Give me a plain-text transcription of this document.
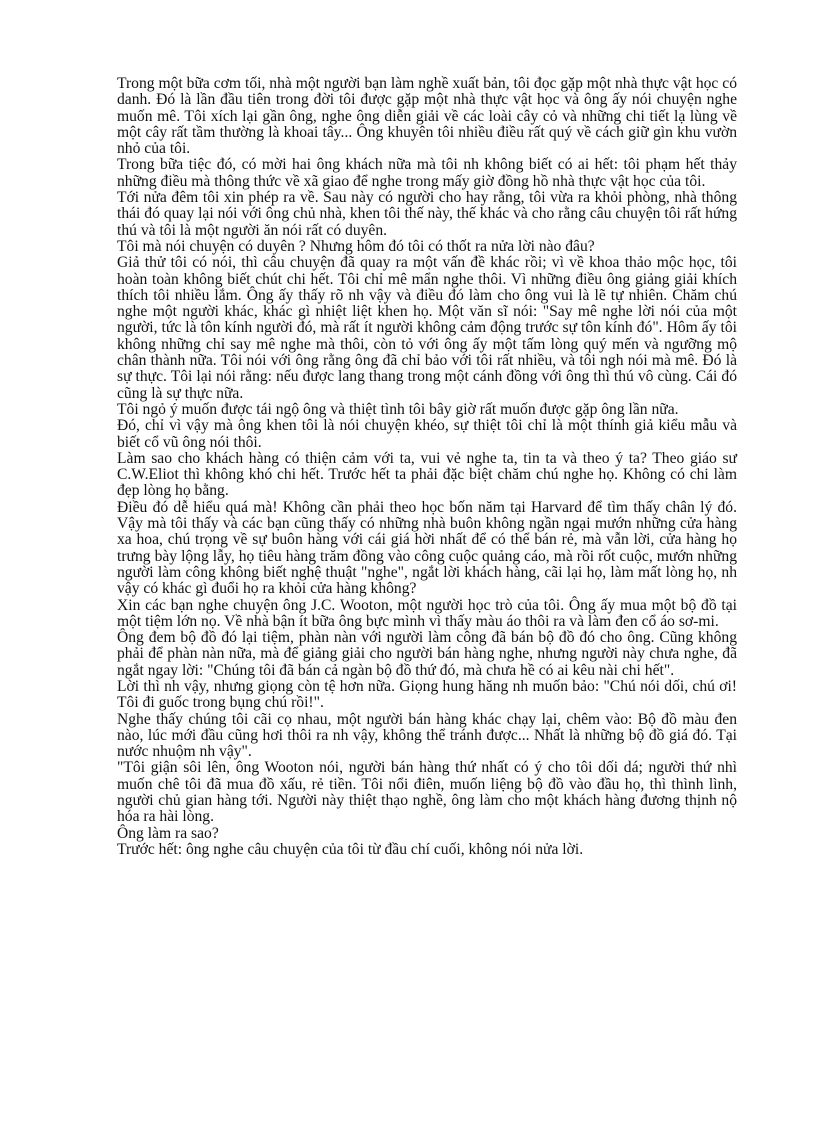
Trong một bữa cơm tối, nhà một người bạn làm nghề xuất bản, tôi đọc gặp một nhà thực vật học có danh. Đó là lần đầu tiên trong đời tôi được gặp một nhà thực vật học và ông ấy nói chuyện nghe muốn mê. Tôi xích lại gần ông, nghe ông diễn giải về các loài cây cỏ và những chi tiết lạ lùng về một cây rất tầm thường là khoai tây... Ông khuyên tôi nhiều điều rất quý về cách giữ gìn khu vườn nhỏ của tôi.

Trong bữa tiệc đó, có mời hai ông khách nữa mà tôi nh không biết có ai hết: tôi phạm hết thảy những điều mà thông thức về xã giao để nghe trong mấy giờ đồng hồ nhà thực vật học của tôi.

Tới nửa đêm tôi xin phép ra về. Sau này có người cho hay rằng, tôi vừa ra khỏi phòng, nhà thông thái đó quay lại nói với ông chủ nhà, khen tôi thế này, thế khác và cho rằng câu chuyện tôi rất hứng thú và tôi là một người ăn nói rất có duyên.

Tôi mà nói chuyện có duyên ? Nhưng hôm đó tôi có thốt ra nửa lời nào đâu?

Giả thử tôi có nói, thì câu chuyện đã quay ra một vấn đề khác rồi; vì về khoa thảo mộc học, tôi hoàn toàn không biết chút chi hết. Tôi chỉ mê mẩn nghe thôi. Vì những điều ông giảng giải khích thích tôi nhiều lắm. Ông ấy thấy rõ nh vậy và điều đó làm cho ông vui là lẽ tự nhiên. Chăm chú nghe một người khác, khác gì nhiệt liệt khen họ. Một văn sĩ nói: "Say mê nghe lời nói của một người, tức là tôn kính người đó, mà rất ít người không cảm động trước sự tôn kính đó". Hôm ấy tôi không những chỉ say mê nghe mà thôi, còn tỏ với ông ấy một tấm lòng quý mến và ngưỡng mộ chân thành nữa. Tôi nói với ông rằng ông đã chỉ bảo với tôi rất nhiều, và tôi ngh nói mà mê. Đó là sự thực. Tôi lại nói rằng: nếu được lang thang trong một cánh đồng với ông thì thú vô cùng. Cái đó cũng là sự thực nữa.

Tôi ngỏ ý muốn được tái ngộ ông và thiệt tình tôi bây giờ rất muốn được gặp ông lần nữa.

Đó, chỉ vì vậy mà ông khen tôi là nói chuyện khéo, sự thiệt tôi chỉ là một thính giả kiểu mẫu và biết cổ vũ ông nói thôi.

Làm sao cho khách hàng có thiện cảm với ta, vui vẻ nghe ta, tin ta và theo ý ta? Theo giáo sư C.W.Eliot thì không khó chi hết. Trước hết ta phải đặc biệt chăm chú nghe họ. Không có chi làm đẹp lòng họ bằng.

Điều đó dễ hiểu quá mà! Không cần phải theo học bốn năm tại Harvard để tìm thấy chân lý đó. Vậy mà tôi thấy và các bạn cũng thấy có những nhà buôn không ngần ngại mướn những cửa hàng xa hoa, chú trọng về sự buôn hàng với cái giá hời nhất để có thể bán rẻ, mà vẫn lời, cửa hàng họ trưng bày lộng lẫy, họ tiêu hàng trăm đồng vào công cuộc quảng cáo, mà rồi rốt cuộc, mướn những người làm công không biết nghệ thuật "nghe", ngắt lời khách hàng, cãi lại họ, làm mất lòng họ, nh vậy có khác gì đuổi họ ra khỏi cửa hàng không?

Xin các bạn nghe chuyện ông J.C. Wooton, một người học trò của tôi. Ông ấy mua một bộ đồ tại một tiệm lớn nọ. Về nhà bận ít bữa ông bực mình vì thấy màu áo thôi ra và làm đen cổ áo sơ-mi.

Ông đem bộ đồ đó lại tiệm, phàn nàn với người làm công đã bán bộ đồ đó cho ông. Cũng không phải để phàn nàn nữa, mà để giảng giải cho người bán hàng nghe, nhưng người này chưa nghe, đã ngắt ngay lời: "Chúng tôi đã bán cả ngàn bộ đồ thứ đó, mà chưa hề có ai kêu nài chi hết".

Lời thì nh vậy, nhưng giọng còn tệ hơn nữa. Giọng hung hăng nh muốn bảo: "Chú nói dối, chú ơi! Tôi đi guốc trong bụng chú rồi!".

Nghe thấy chúng tôi cãi cọ nhau, một người bán hàng khác chạy lại, chêm vào: Bộ đồ màu đen nào, lúc mới đầu cũng hơi thôi ra nh vậy, không thể tránh được... Nhất là những bộ đồ giá đó. Tại nước nhuộm nh vậy".

"Tôi giận sôi lên, ông Wooton nói, người bán hàng thứ nhất có ý cho tôi dối dá; người thứ nhì muốn chê tôi đã mua đồ xấu, rẻ tiền. Tôi nổi điên, muốn liệng bộ đồ vào đầu họ, thì thình lình, người chủ gian hàng tới. Người này thiệt thạo nghề, ông làm cho một khách hàng đương thịnh nộ hóa ra hài lòng.

Ông làm ra sao?

Trước hết: ông nghe câu chuyện của tôi từ đầu chí cuối, không nói nửa lời.
